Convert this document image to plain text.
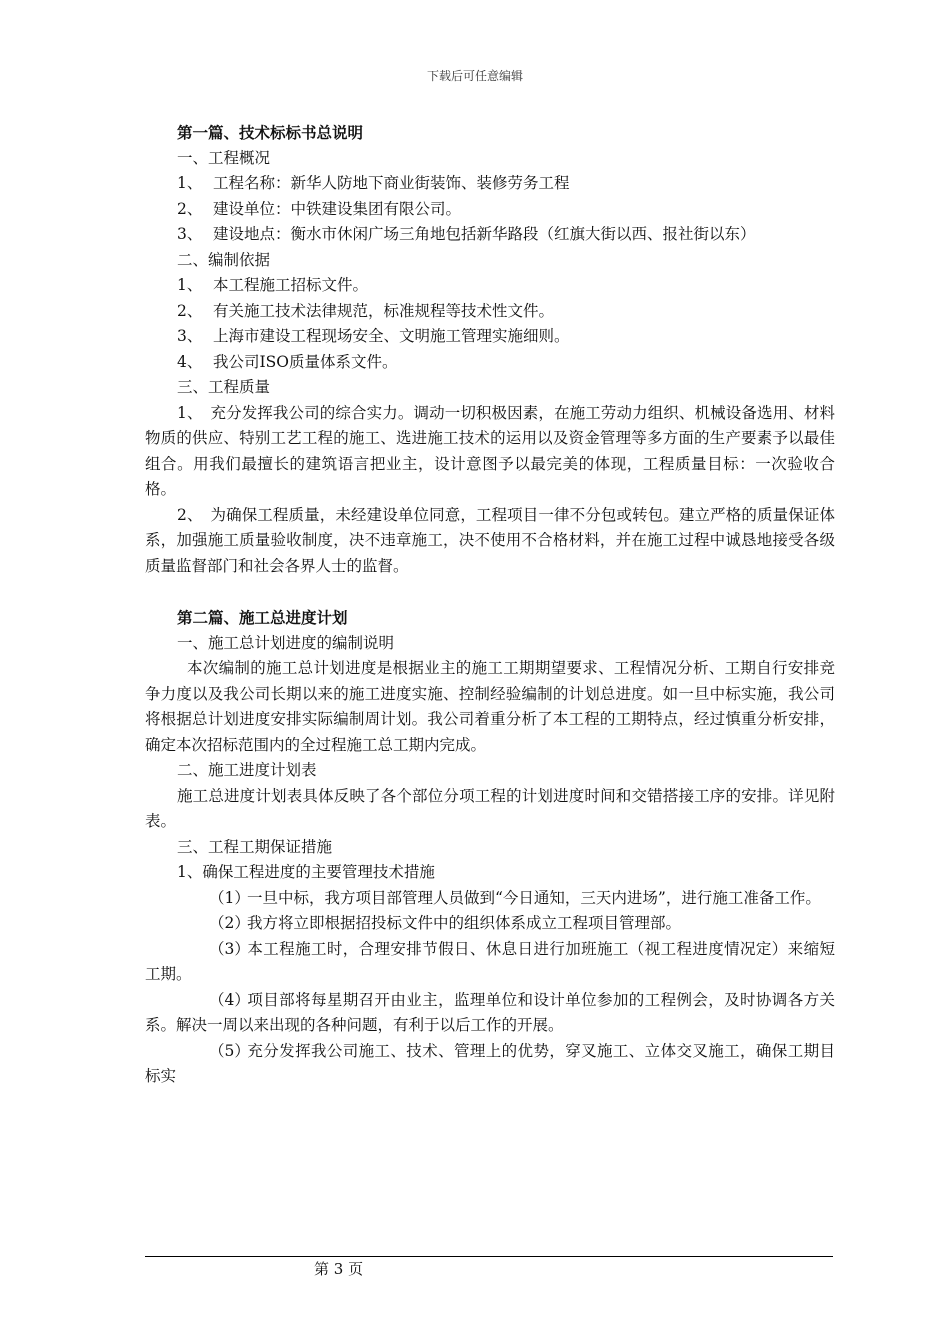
下载后可任意编辑
第一篇、技术标标书总说明
一、工程概况
1、 工程名称：新华人防地下商业街装饰、装修劳务工程
2、 建设单位：中铁建设集团有限公司。
3、 建设地点：衡水市休闲广场三角地包括新华路段（红旗大街以西、报社街以东）
二、编制依据
1、 本工程施工招标文件。
2、 有关施工技术法律规范，标准规程等技术性文件。
3、 上海市建设工程现场安全、文明施工管理实施细则。
4、 我公司ISO质量体系文件。
三、工程质量
1、　充分发挥我公司的综合实力。调动一切积极因素，在施工劳动力组织、机械设备选用、材料物质的供应、特别工艺工程的施工、选进施工技术的运用以及资金管理等多方面的生产要素予以最佳组合。用我们最擅长的建筑语言把业主，设计意图予以最完美的体现，工程质量目标：一次验收合格。
2、　为确保工程质量，未经建设单位同意，工程项目一律不分包或转包。建立严格的质量保证体系，加强施工质量验收制度，决不违章施工，决不使用不合格材料，并在施工过程中诚恳地接受各级质量监督部门和社会各界人士的监督。
第二篇、施工总进度计划
一、施工总计划进度的编制说明
本次编制的施工总计划进度是根据业主的施工工期期望要求、工程情况分析、工期自行安排竞争力度以及我公司长期以来的施工进度实施、控制经验编制的计划总进度。如一旦中标实施，我公司将根据总计划进度安排实际编制周计划。我公司着重分析了本工程的工期特点，经过慎重分析安排，确定本次招标范围内的全过程施工总工期内完成。
二、施工进度计划表
施工总进度计划表具体反映了各个部位分项工程的计划进度时间和交错搭接工序的安排。详见附表。
三、工程工期保证措施
1、确保工程进度的主要管理技术措施
（1）一旦中标，我方项目部管理人员做到“今日通知，三天内进场”，进行施工准备工作。
（2）我方将立即根据招投标文件中的组织体系成立工程项目管理部。
（3）本工程施工时，合理安排节假日、休息日进行加班施工（视工程进度情况定）来缩短工期。
（4）项目部将每星期召开由业主，监理单位和设计单位参加的工程例会，及时协调各方关系。解决一周以来出现的各种问题，有利于以后工作的开展。
（5）充分发挥我公司施工、技术、管理上的优势，穿叉施工、立体交叉施工，确保工期目标实
第 3 页
